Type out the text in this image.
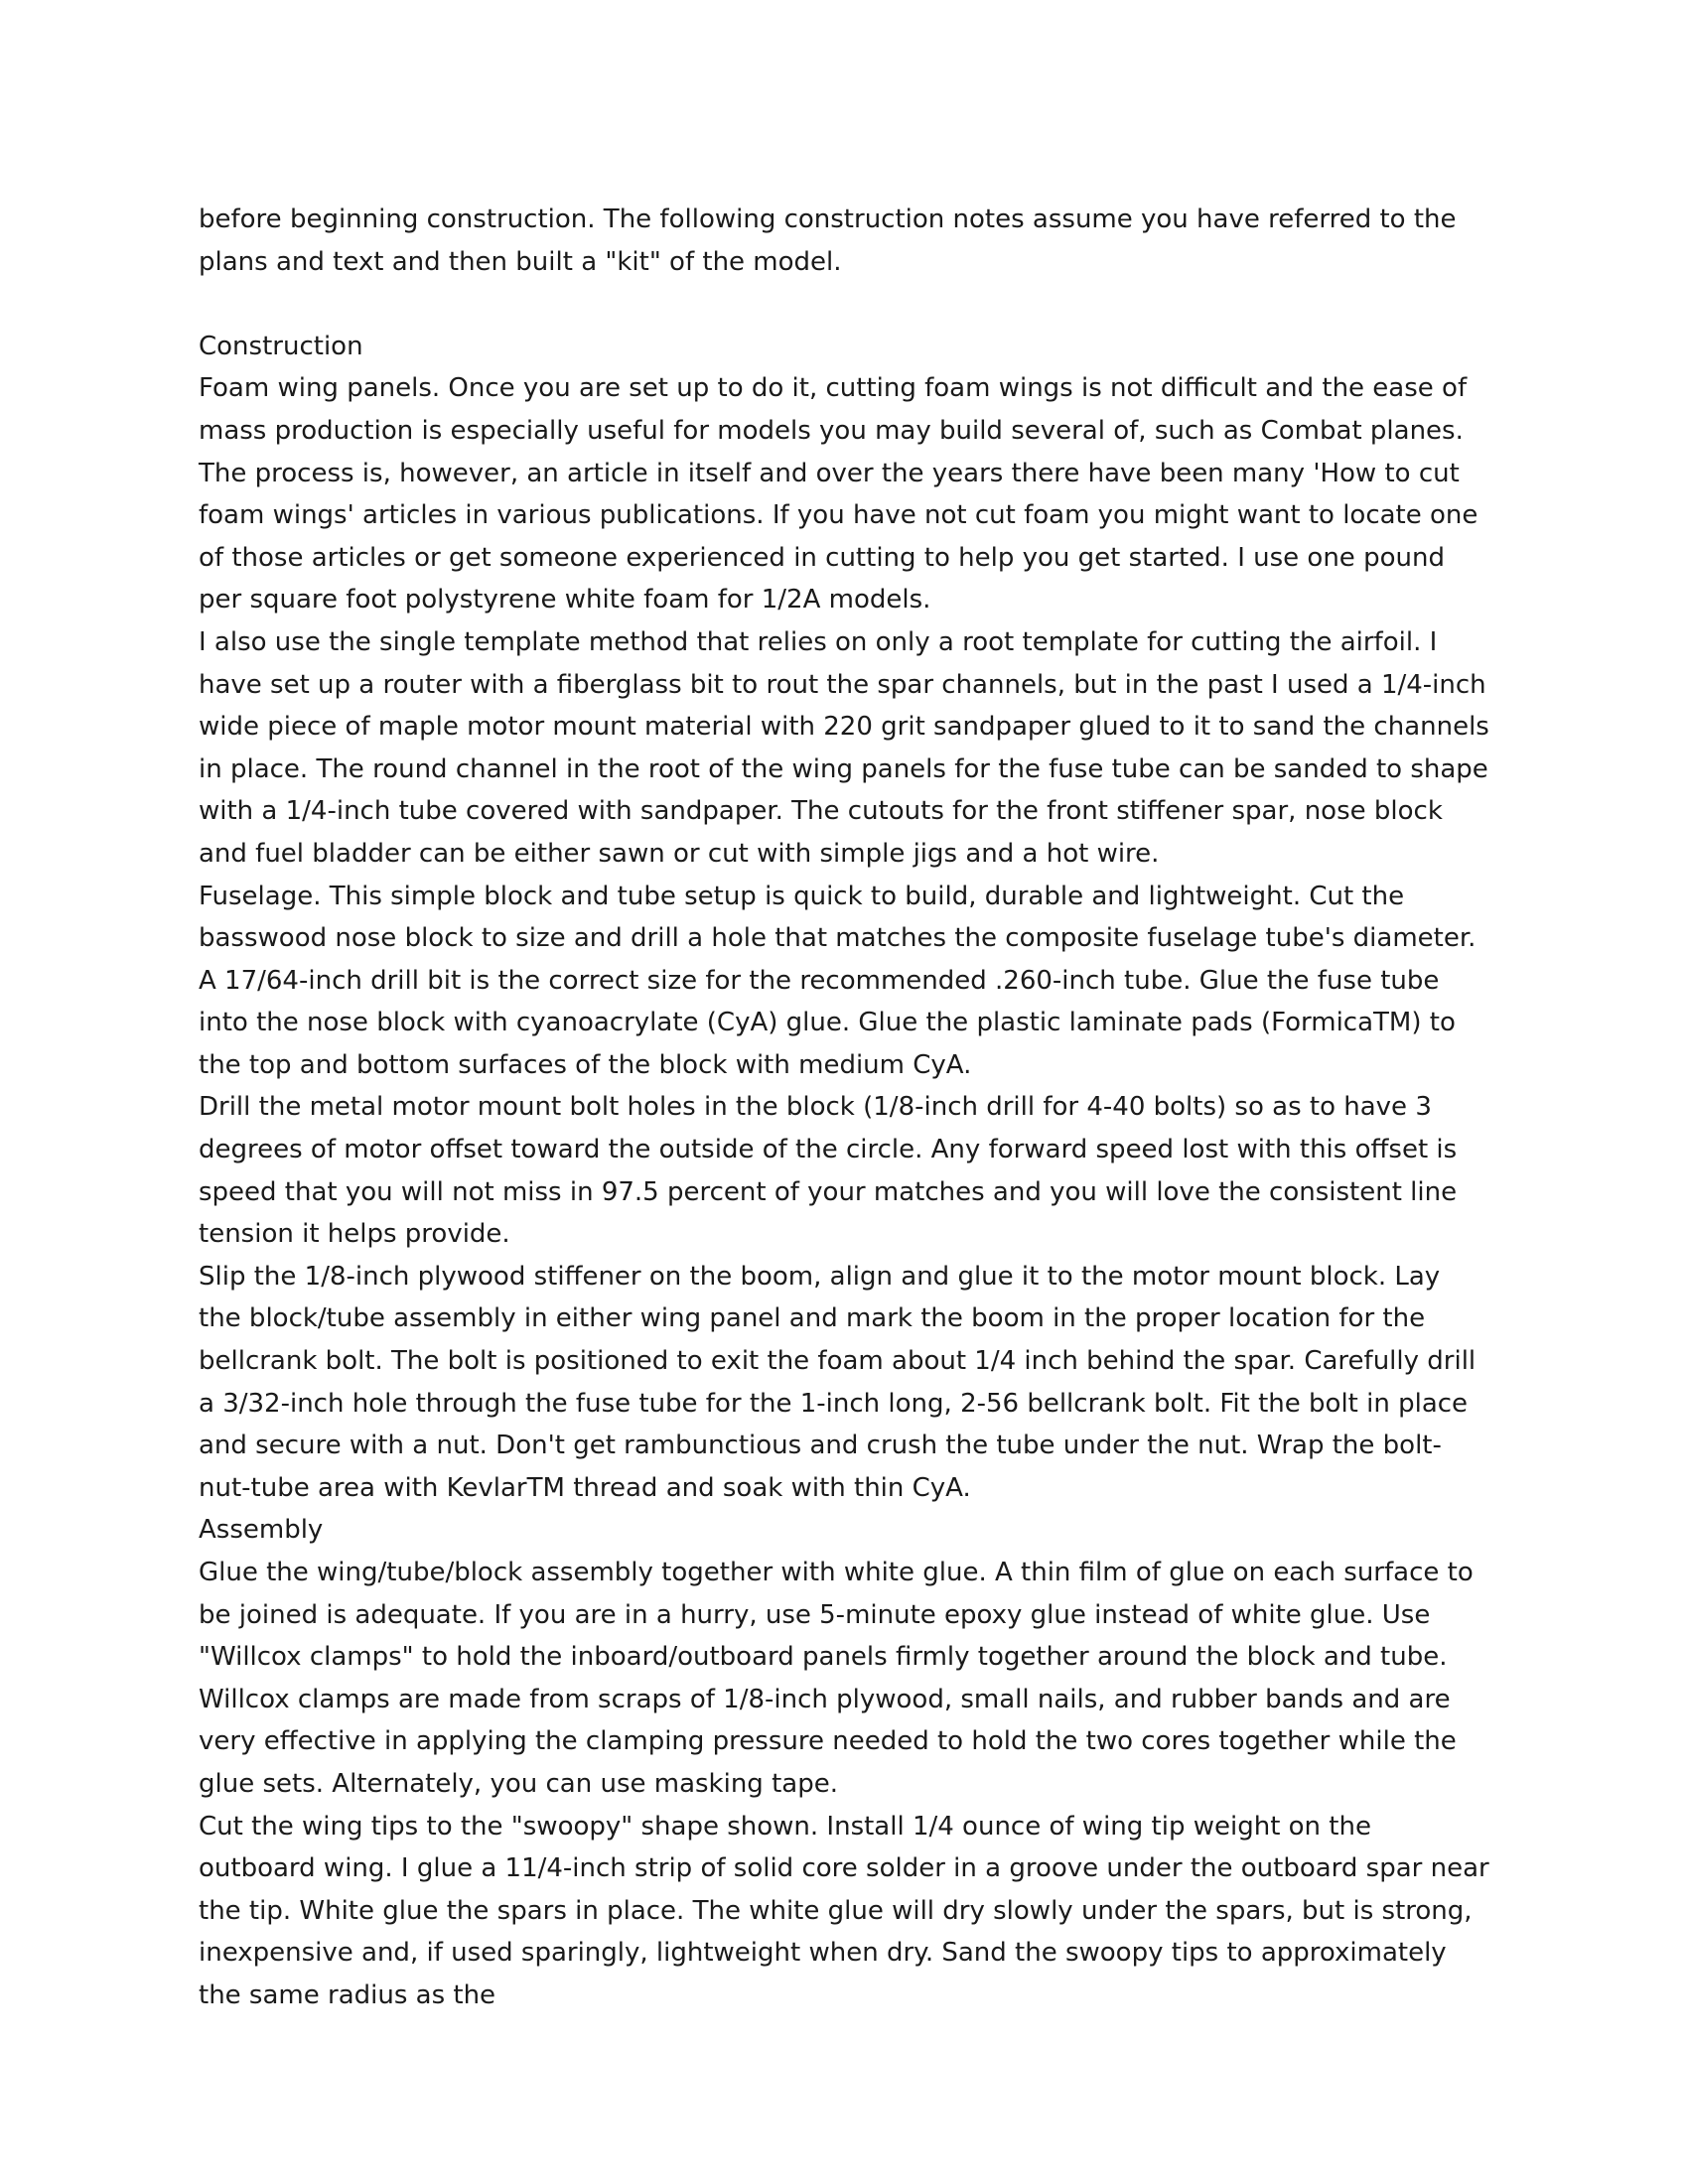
before beginning construction. The following construction notes assume you have referred to the plans and text and then built a "kit" of the model.

Construction

Foam wing panels. Once you are set up to do it, cutting foam wings is not difficult and the ease of mass production is especially useful for models you may build several of, such as Combat planes. The process is, however, an article in itself and over the years there have been many 'How to cut foam wings' articles in various publications. If you have not cut foam you might want to locate one of those articles or get someone experienced in cutting to help you get started. I use one pound per square foot polystyrene white foam for 1/2A models.

I also use the single template method that relies on only a root template for cutting the airfoil. I have set up a router with a fiberglass bit to rout the spar channels, but in the past I used a 1/4-inch wide piece of maple motor mount material with 220 grit sandpaper glued to it to sand the channels in place. The round channel in the root of the wing panels for the fuse tube can be sanded to shape with a 1/4-inch tube covered with sandpaper. The cutouts for the front stiffener spar, nose block and fuel bladder can be either sawn or cut with simple jigs and a hot wire.

Fuselage. This simple block and tube setup is quick to build, durable and lightweight. Cut the basswood nose block to size and drill a hole that matches the composite fuselage tube's diameter. A 17/64-inch drill bit is the correct size for the recommended .260-inch tube. Glue the fuse tube into the nose block with cyanoacrylate (CyA) glue. Glue the plastic laminate pads (FormicaTM) to the top and bottom surfaces of the block with medium CyA.

Drill the metal motor mount bolt holes in the block (1/8-inch drill for 4-40 bolts) so as to have 3 degrees of motor offset toward the outside of the circle. Any forward speed lost with this offset is speed that you will not miss in 97.5 percent of your matches and you will love the consistent line tension it helps provide.

Slip the 1/8-inch plywood stiffener on the boom, align and glue it to the motor mount block. Lay the block/tube assembly in either wing panel and mark the boom in the proper location for the bellcrank bolt. The bolt is positioned to exit the foam about 1/4 inch behind the spar. Carefully drill a 3/32-inch hole through the fuse tube for the 1-inch long, 2-56 bellcrank bolt. Fit the bolt in place and secure with a nut. Don't get rambunctious and crush the tube under the nut. Wrap the bolt-nut-tube area with KevlarTM thread and soak with thin CyA.

Assembly

Glue the wing/tube/block assembly together with white glue. A thin film of glue on each surface to be joined is adequate. If you are in a hurry, use 5-minute epoxy glue instead of white glue. Use "Willcox clamps" to hold the inboard/outboard panels firmly together around the block and tube. Willcox clamps are made from scraps of 1/8-inch plywood, small nails, and rubber bands and are very effective in applying the clamping pressure needed to hold the two cores together while the glue sets. Alternately, you can use masking tape.

Cut the wing tips to the "swoopy" shape shown. Install 1/4 ounce of wing tip weight on the outboard wing. I glue a 11/4-inch strip of solid core solder in a groove under the outboard spar near the tip. White glue the spars in place. The white glue will dry slowly under the spars, but is strong, inexpensive and, if used sparingly, lightweight when dry. Sand the swoopy tips to approximately the same radius as the
